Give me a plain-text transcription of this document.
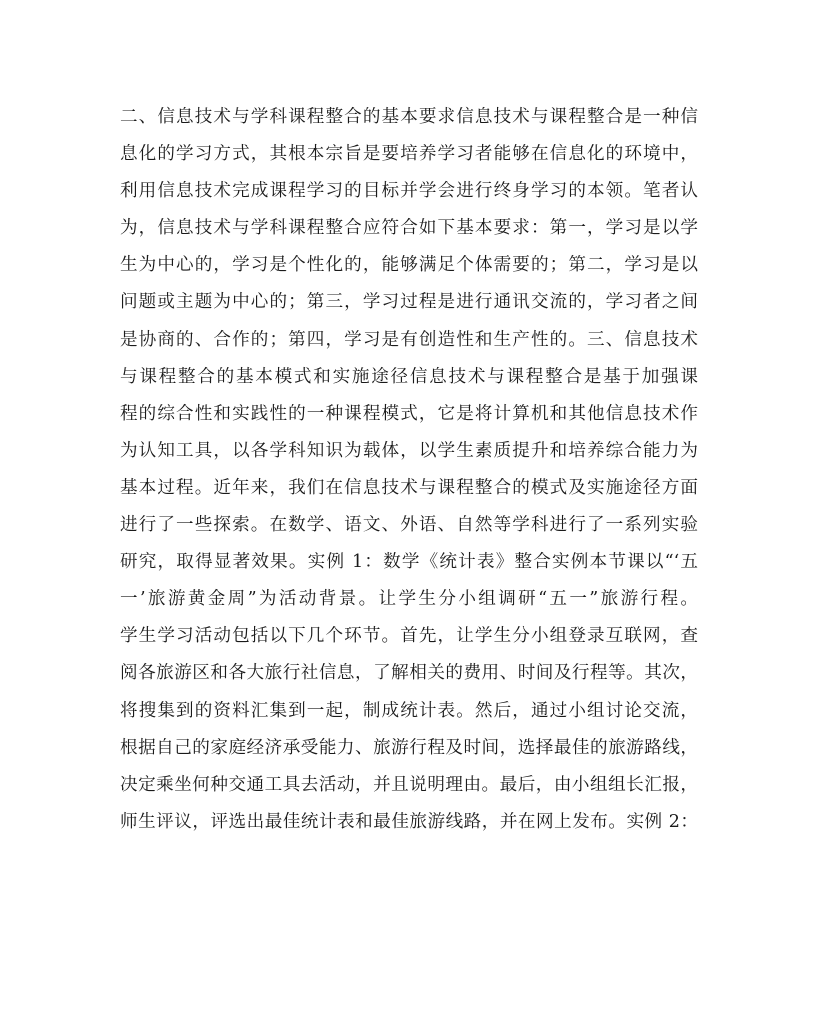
二、信息技术与学科课程整合的基本要求信息技术与课程整合是一种信
息化的学习方式，其根本宗旨是要培养学习者能够在信息化的环境中，
利用信息技术完成课程学习的目标并学会进行终身学习的本领。笔者认
为，信息技术与学科课程整合应符合如下基本要求：第一，学习是以学
生为中心的，学习是个性化的，能够满足个体需要的；第二，学习是以
问题或主题为中心的；第三，学习过程是进行通讯交流的，学习者之间
是协商的、合作的；第四，学习是有创造性和生产性的。三、信息技术
与课程整合的基本模式和实施途径信息技术与课程整合是基于加强课
程的综合性和实践性的一种课程模式，它是将计算机和其他信息技术作
为认知工具，以各学科知识为载体，以学生素质提升和培养综合能力为
基本过程。近年来，我们在信息技术与课程整合的模式及实施途径方面
进行了一些探索。在数学、语文、外语、自然等学科进行了一系列实验
研究，取得显著效果。实例 1：数学《统计表》整合实例本节课以“‘五
一’旅游黄金周”为活动背景。让学生分小组调研“五一”旅游行程。
学生学习活动包括以下几个环节。首先，让学生分小组登录互联网，查
阅各旅游区和各大旅行社信息，了解相关的费用、时间及行程等。其次，
将搜集到的资料汇集到一起，制成统计表。然后，通过小组讨论交流，
根据自己的家庭经济承受能力、旅游行程及时间，选择最佳的旅游路线，
决定乘坐何种交通工具去活动，并且说明理由。最后，由小组组长汇报，
师生评议，评选出最佳统计表和最佳旅游线路，并在网上发布。实例 2：
